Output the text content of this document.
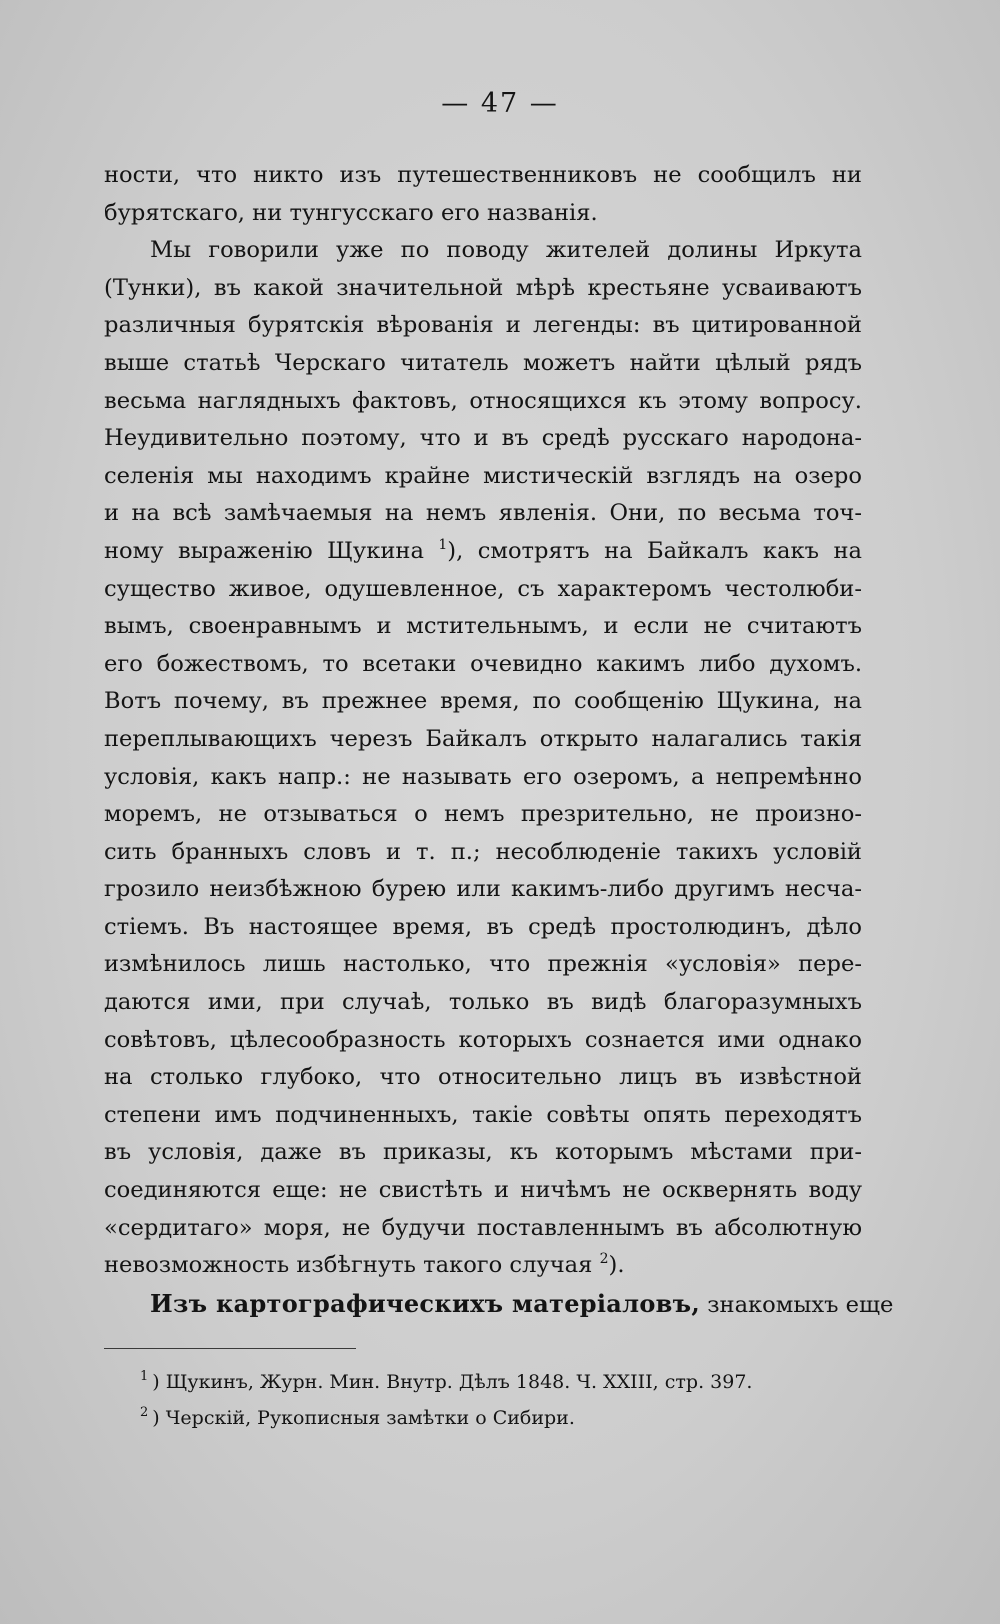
— 47 —
ности, что никто изъ путешественниковъ не сообщилъ ни
бурятскаго, ни тунгусскаго его названія.
Мы говорили уже по поводу жителей долины Иркута
(Тунки), въ какой значительной мѣрѣ крестьяне усваиваютъ
различныя бурятскія вѣрованія и легенды: въ цитированной
выше статьѣ Черскаго читатель можетъ найти цѣлый рядъ
весьма наглядныхъ фактовъ, относящихся къ этому вопросу.
Неудивительно поэтому, что и въ средѣ русскаго народона-
селенія мы находимъ крайне мистическій взглядъ на озеро
и на всѣ замѣчаемыя на немъ явленія. Они, по весьма точ-
ному выраженію Щукина $^1$), смотрятъ на Байкалъ какъ на
существо живое, одушевленное, съ характеромъ честолюби-
вымъ, своенравнымъ и мстительнымъ, и если не считаютъ
его божествомъ, то всетаки очевидно какимъ либо духомъ.
Вотъ почему, въ прежнее время, по сообщенію Щукина, на
переплывающихъ черезъ Байкалъ открыто налагались такія
условія, какъ напр.: не называть его озеромъ, а непремѣнно
моремъ, не отзываться о немъ презрительно, не произно-
сить бранныхъ словъ и т. п.; несоблюденіе такихъ условій
грозило неизбѣжною бурею или какимъ-либо другимъ несча-
стіемъ. Въ настоящее время, въ средѣ простолюдинъ, дѣло
измѣнилось лишь настолько, что прежнія «условія» пере-
даются ими, при случаѣ, только въ видѣ благоразумныхъ
совѣтовъ, цѣлесообразность которыхъ сознается ими однако
на столько глубоко, что относительно лицъ въ извѣстной
степени имъ подчиненныхъ, такіе совѣты опять переходятъ
въ условія, даже въ приказы, къ которымъ мѣстами при-
соединяются еще: не свистѣть и ничѣмъ не осквернять воду
«сердитаго» моря, не будучи поставленнымъ въ абсолютную
невозможность избѣгнуть такого случая $^2$).
Изъ картографическихъ матеріаловъ, знакомыхъ еще
$^1$ ) Щукинъ, Журн. Мин. Внутр. Дѣлъ 1848. Ч. XXIII, стр. 397.
$^2$ ) Черскій, Рукописныя замѣтки о Сибири.
